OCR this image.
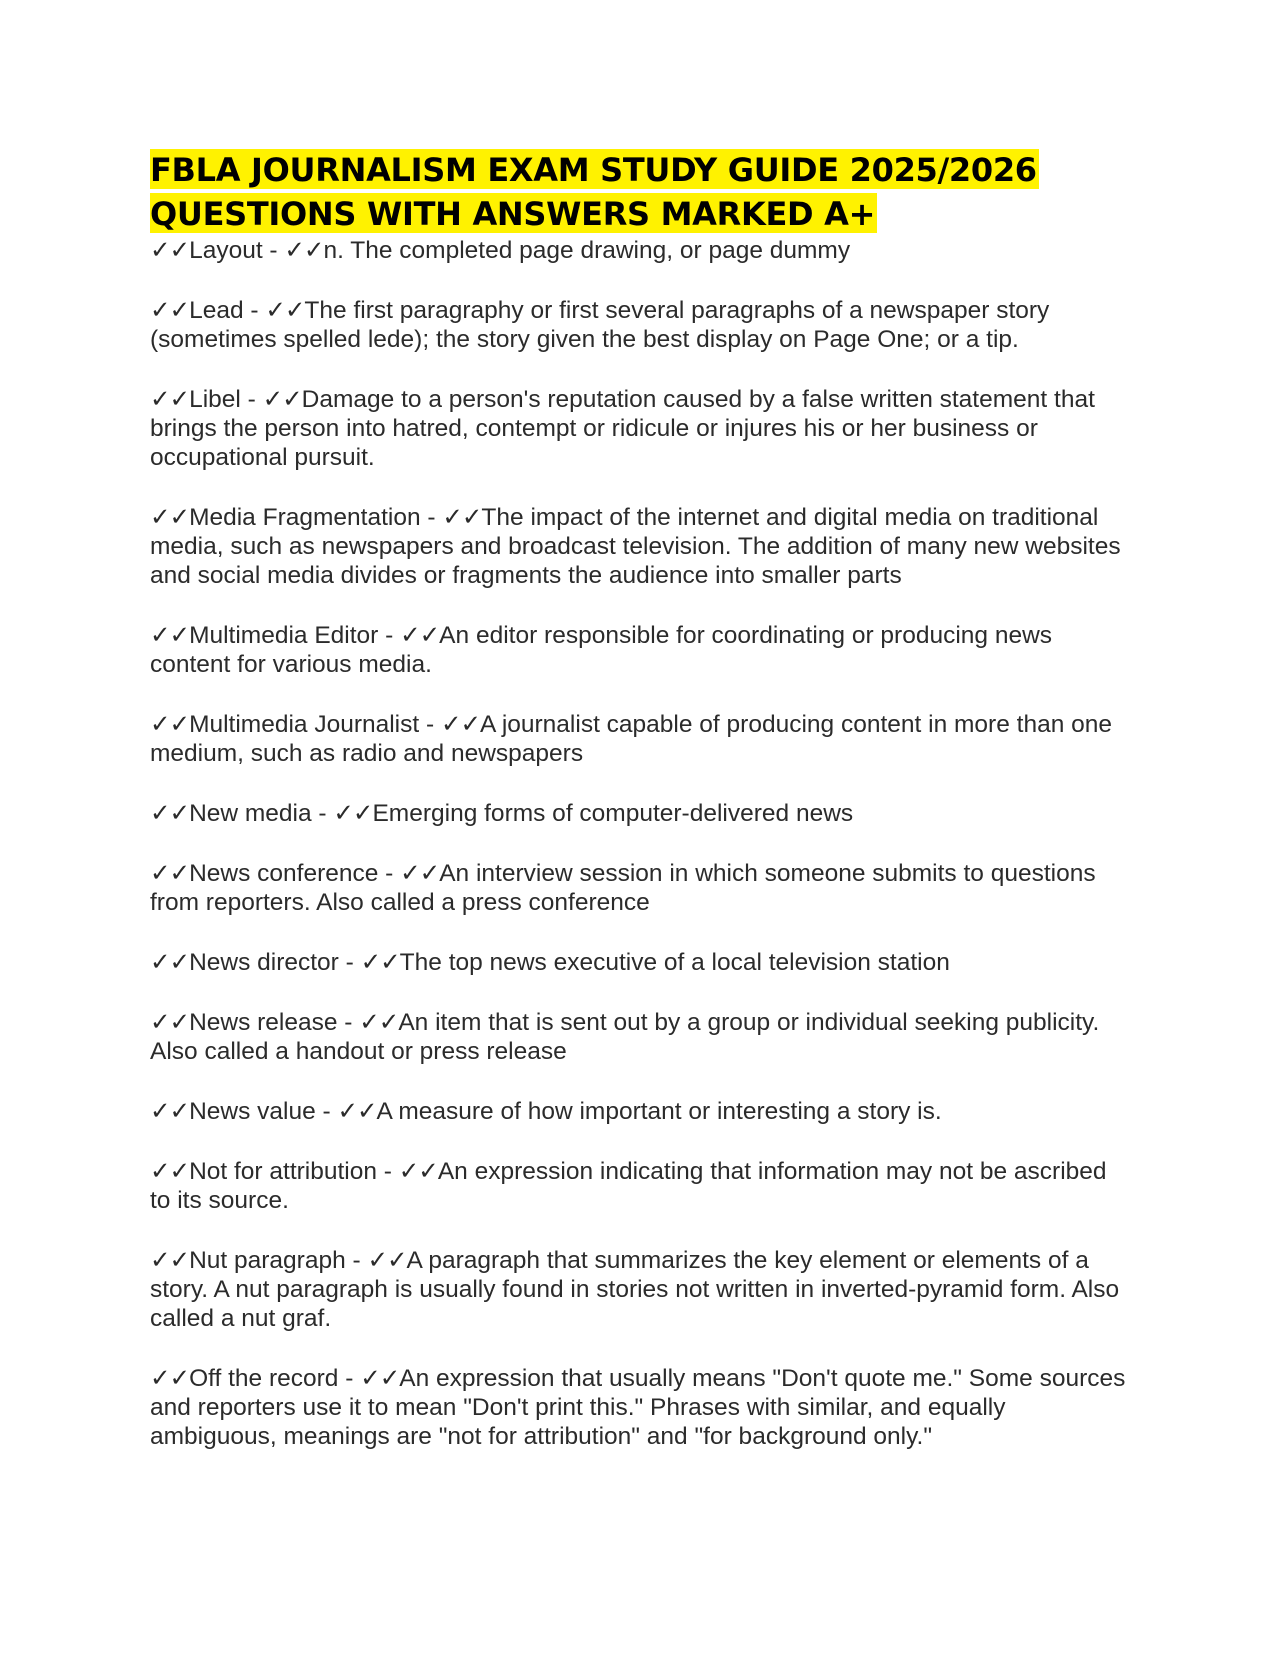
FBLA JOURNALISM EXAM STUDY GUIDE 2025/2026
QUESTIONS WITH ANSWERS MARKED A+

✓✓Layout - ✓✓n. The completed page drawing, or page dummy

✓✓Lead - ✓✓The first paragraphy or first several paragraphs of a newspaper story (sometimes spelled lede); the story given the best display on Page One; or a tip.

✓✓Libel - ✓✓Damage to a person's reputation caused by a false written statement that brings the person into hatred, contempt or ridicule or injures his or her business or occupational pursuit.

✓✓Media Fragmentation - ✓✓The impact of the internet and digital media on traditional media, such as newspapers and broadcast television. The addition of many new websites and social media divides or fragments the audience into smaller parts

✓✓Multimedia Editor - ✓✓An editor responsible for coordinating or producing news content for various media.

✓✓Multimedia Journalist - ✓✓A journalist capable of producing content in more than one medium, such as radio and newspapers

✓✓New media - ✓✓Emerging forms of computer-delivered news

✓✓News conference - ✓✓An interview session in which someone submits to questions from reporters. Also called a press conference

✓✓News director - ✓✓The top news executive of a local television station

✓✓News release - ✓✓An item that is sent out by a group or individual seeking publicity. Also called a handout or press release

✓✓News value - ✓✓A measure of how important or interesting a story is.

✓✓Not for attribution - ✓✓An expression indicating that information may not be ascribed to its source.

✓✓Nut paragraph - ✓✓A paragraph that summarizes the key element or elements of a story. A nut paragraph is usually found in stories not written in inverted-pyramid form. Also called a nut graf.

✓✓Off the record - ✓✓An expression that usually means "Don't quote me." Some sources and reporters use it to mean "Don't print this." Phrases with similar, and equally ambiguous, meanings are "not for attribution" and "for background only."
